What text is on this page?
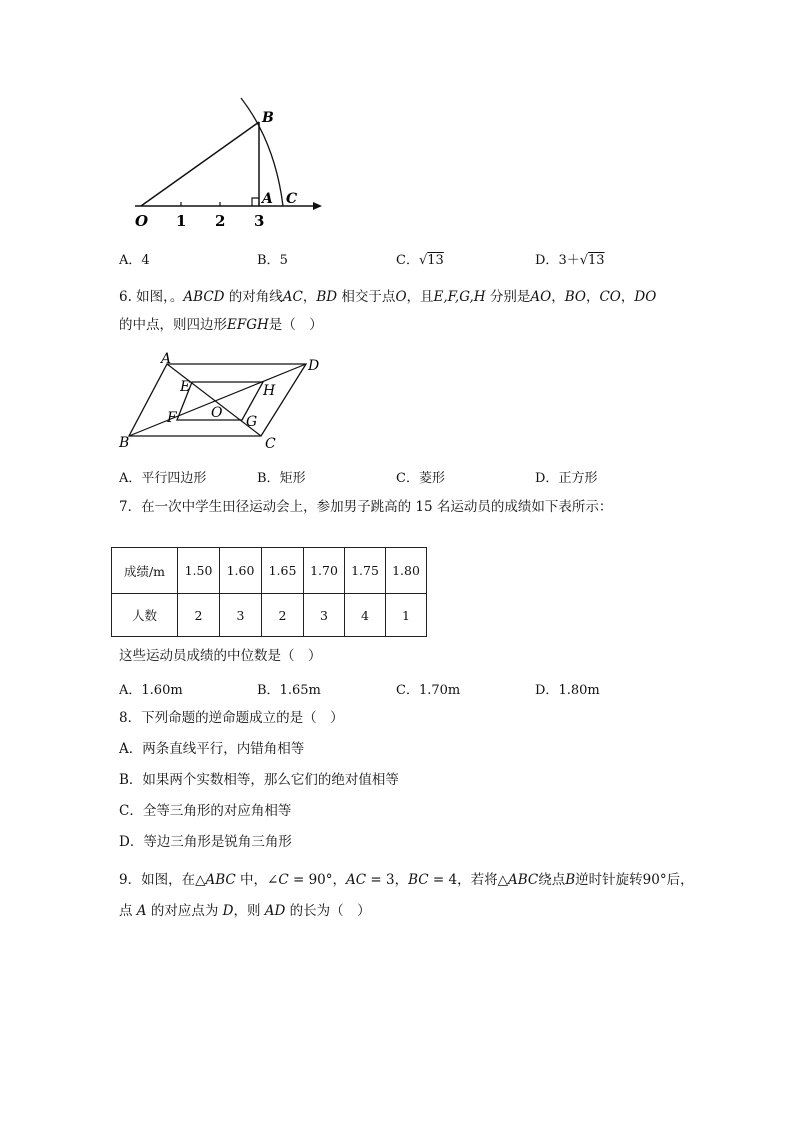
B
A C
O 1 2 3
A．4	B．5	C．√13	D．3＋√13
6. 如图，。ABCD 的对角线AC，BD 相交于点O，且E,F,G,H 分别是AO，BO，CO，DO
的中点，则四边形EFGH是（　）
A	D
E	H
O
F	G
B	C
A．平行四边形	B．矩形	C．菱形	D．正方形
7．在一次中学生田径运动会上，参加男子跳高的 15 名运动员的成绩如下表所示：
成绩/m	1.50	1.60	1.65	1.70	1.75	1.80
人数	2	3	2	3	4	1
这些运动员成绩的中位数是（　）
A．1.60m	B．1.65m	C．1.70m	D．1.80m
8．下列命题的逆命题成立的是（　）
A．两条直线平行，内错角相等
B．如果两个实数相等，那么它们的绝对值相等
C．全等三角形的对应角相等
D．等边三角形是锐角三角形
9．如图，在△ABC 中，∠C = 90°，AC = 3，BC = 4，若将△ABC绕点B逆时针旋转90°后，
点 A 的对应点为 D，则 AD 的长为（　）
